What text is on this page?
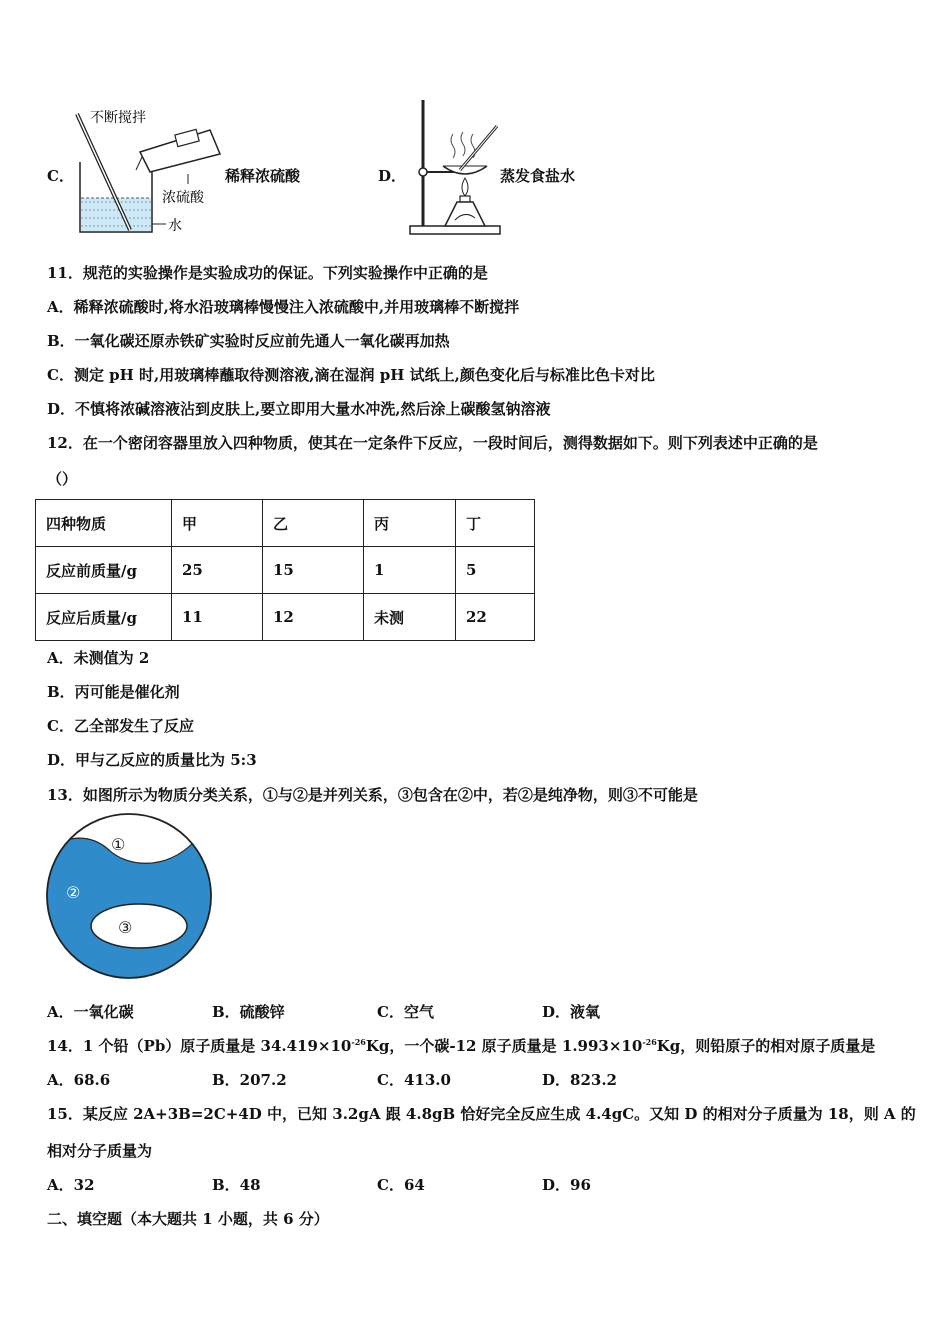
C．
不断搅拌
浓硫酸
水
稀释浓硫酸	D．	蒸发食盐水
11．规范的实验操作是实验成功的保证。下列实验操作中正确的是
A．稀释浓硫酸时,将水沿玻璃棒慢慢注入浓硫酸中,并用玻璃棒不断搅拌
B．一氧化碳还原赤铁矿实验时反应前先通人一氧化碳再加热
C．测定 pH 时,用玻璃棒蘸取待测溶液,滴在湿润 pH 试纸上,颜色变化后与标准比色卡对比
D．不慎将浓碱溶液沾到皮肤上,要立即用大量水冲洗,然后涂上碳酸氢钠溶液
12．在一个密闭容器里放入四种物质，使其在一定条件下反应，一段时间后，测得数据如下。则下列表述中正确的是
（）
四种物质	甲	乙	丙	丁
反应前质量/g	25	15	1	5
反应后质量/g	11	12	未测	22
A．未测值为 2
B．丙可能是催化剂
C．乙全部发生了反应
D．甲与乙反应的质量比为 5:3
13．如图所示为物质分类关系，①与②是并列关系，③包含在②中，若②是纯净物，则③不可能是
①
②
③
A．一氧化碳	B．硫酸锌	C．空气	D．液氧
14．1 个铅（Pb）原子质量是 $34.419\times 10^{-26}Kg$，一个碳-12 原子质量是 $1.993\times 10^{-26}Kg$，则铅原子的相对原子质量是
A．68.6	B．207.2	C．413.0	D．823.2
15．某反应 2A+3B=2C+4D 中，已知 3.2gA 跟 4.8gB 恰好完全反应生成 4.4gC。又知 D 的相对分子质量为 18，则 A 的
相对分子质量为
A．32	B．48	C．64	D．96
二、填空题（本大题共 1 小题，共 6 分）
